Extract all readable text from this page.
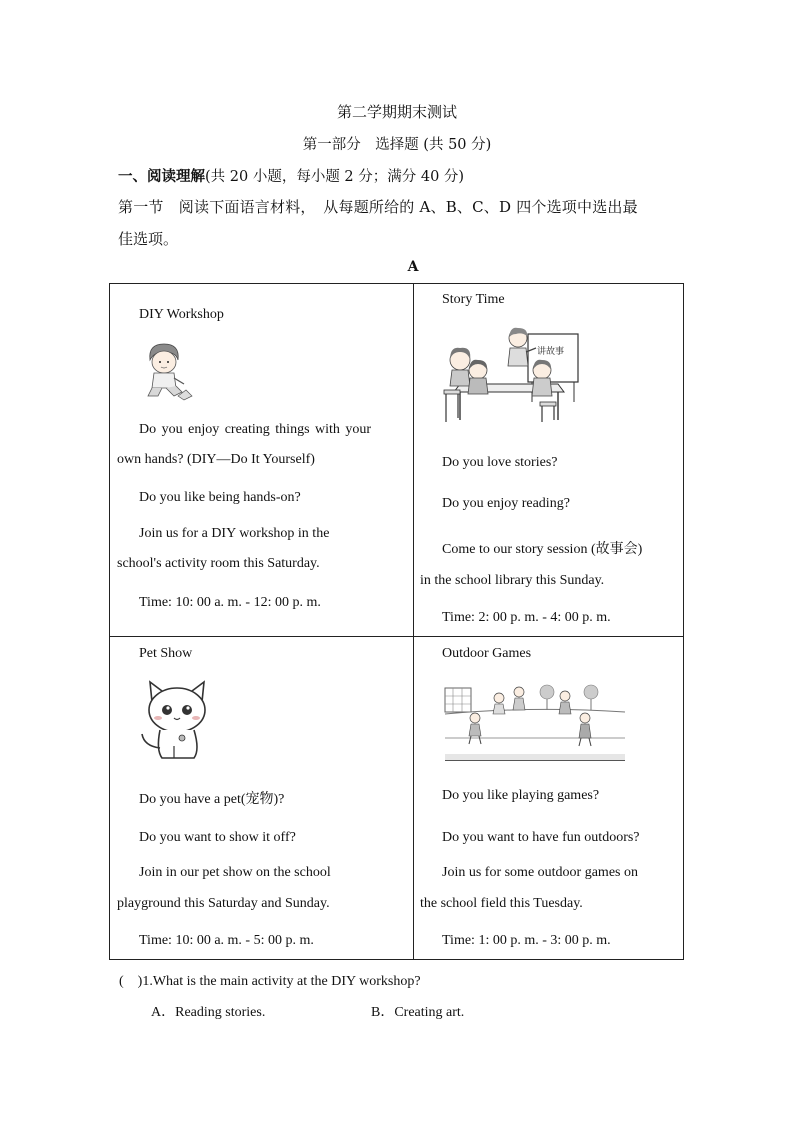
第二学期期末测试
第一部分　选择题 (共 50 分)
一、阅读理解(共 20 小题，每小题 2 分；满分 40 分)
第一节　阅读下面语言材料，　从每题所给的 A、B、C、D 四个选项中选出最
佳选项。
A
DIY Workshop
Do you enjoy creating things with your
own hands? (DIY—Do It Yourself)
Do you like being hands-on?
Join us for a DIY workshop in the
school's activity room this Saturday.
Time: 10: 00 a. m. - 12: 00 p. m.
Story Time
讲故事
Do you love stories?
Do you enjoy reading?
Come to our story session (故事会)
in the school library this Sunday.
Time: 2: 00 p. m. - 4: 00 p. m.
Pet Show
Do you have a pet(宠物)?
Do you want to show it off?
Join in our pet show on the school
playground this Saturday and Sunday.
Time: 10: 00 a. m. - 5: 00 p. m.
Outdoor Games
Do you like playing games?
Do you want to have fun outdoors?
Join us for some outdoor games on
the school field this Tuesday.
Time: 1: 00 p. m. - 3: 00 p. m.
(　)1.What is the main activity at the DIY workshop?
A．Reading stories.	B．Creating art.
